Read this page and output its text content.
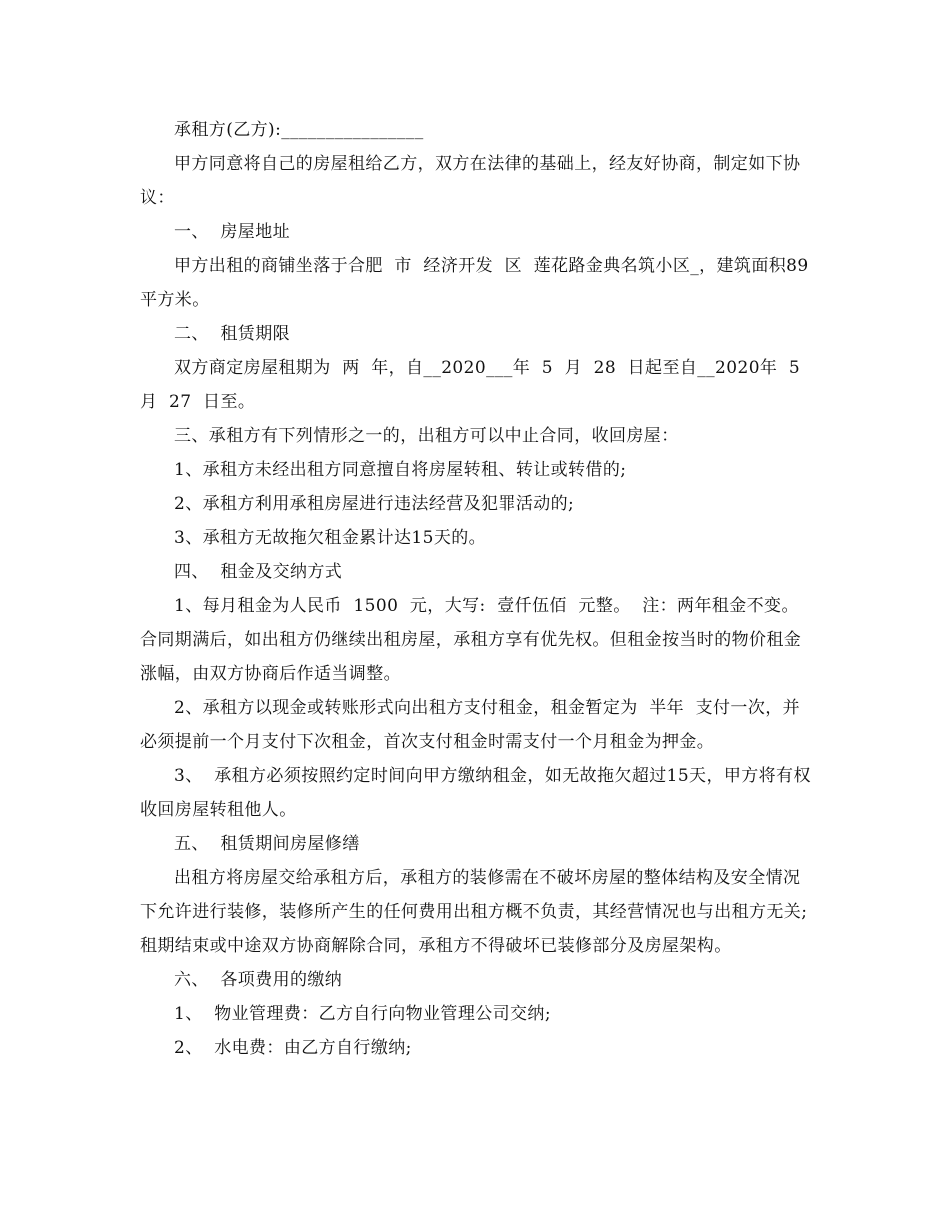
承租方(乙方):________________

甲方同意将自己的房屋租给乙方，双方在法律的基础上，经友好协商，制定如下协议：

一、  房屋地址

甲方出租的商铺坐落于合肥  市  经济开发  区  莲花路金典名筑小区_，建筑面积89平方米。

二、  租赁期限

双方商定房屋租期为  两  年，自__2020___年  5  月  28  日起至自__2020年  5  月  27  日至。

三、承租方有下列情形之一的，出租方可以中止合同，收回房屋：

1、承租方未经出租方同意擅自将房屋转租、转让或转借的;

2、承租方利用承租房屋进行违法经营及犯罪活动的;

3、承租方无故拖欠租金累计达15天的。

四、  租金及交纳方式

1、每月租金为人民币  1500  元，大写:  壹仟伍佰  元整。  注：两年租金不变。合同期满后，如出租方仍继续出租房屋，承租方享有优先权。但租金按当时的物价租金涨幅，由双方协商后作适当调整。

2、承租方以现金或转账形式向出租方支付租金，租金暂定为  半年  支付一次，并必须提前一个月支付下次租金，首次支付租金时需支付一个月租金为押金。

3、  承租方必须按照约定时间向甲方缴纳租金，如无故拖欠超过15天，甲方将有权收回房屋转租他人。

五、  租赁期间房屋修缮

出租方将房屋交给承租方后，承租方的装修需在不破坏房屋的整体结构及安全情况下允许进行装修，装修所产生的任何费用出租方概不负责，其经营情况也与出租方无关;租期结束或中途双方协商解除合同，承租方不得破坏已装修部分及房屋架构。

六、  各项费用的缴纳

1、  物业管理费：乙方自行向物业管理公司交纳;

2、  水电费：由乙方自行缴纳;
